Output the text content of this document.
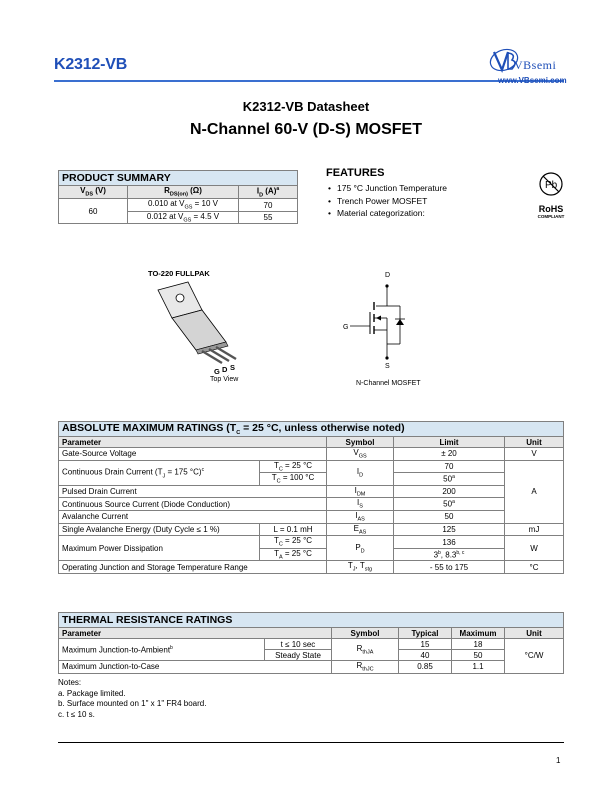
K2312-VB	VBsemi
www.VBsemi.com
K2312-VB Datasheet
N-Channel 60-V (D-S) MOSFET
PRODUCT SUMMARY		
$V_{DS}$ (V)	$R_{DS(on)}$ (Ω)	$I_D$ $(A)^a$
60	0.010 at $V_{GS} = 10$ V	70
	0.012 at $V_{GS} = 4.5$ V	55
FEATURES
• 175 °C Junction Temperature
• Trench Power MOSFET
• Material categorization:
Pb
RoHS
COMPLIANT
TO-220 FULLPAK
G D S
Top View
D
G
S
N-Channel MOSFET
ABSOLUTE MAXIMUM RATINGS ($T_C = 25$ °C, unless otherwise noted)				
Parameter		Symbol	Limit	Unit
Gate-Source Voltage		$V_{GS}$	± 20	V
Continuous Drain Current ($T_J = 175$ °C)$^c$	$T_C = 25$ °C	$I_D$	70	A
	$T_C = 100$ °C		50$^a$
Pulsed Drain Current		$I_{DM}$	200	
Continuous Source Current (Diode Conduction)		$I_S$	50$^a$
Avalanche Current		$I_{AS}$	50	
Single Avalanche Energy (Duty Cycle ≤ 1 %)	L = 0.1 mH	$E_{AS}$	125	mJ
Maximum Power Dissipation	$T_C = 25$ °C	$P_D$	136	W
	$T_A = 25$ °C		3$^b$, 8.3$^{b, c}$
Operating Junction and Storage Temperature Range		$T_J$, $T_{stg}$	- 55 to 175	°C
THERMAL RESISTANCE RATINGS					
Parameter		Symbol	Typical	Maximum	Unit
Maximum Junction-to-Ambient$^b$	t ≤ 10 sec	$R_{thJA}$	15	18	°C/W
	Steady State		40	50	
Maximum Junction-to-Case		$R_{thJC}$	0.85	1.1	
Notes:
a. Package limited.
b. Surface mounted on 1" x 1" FR4 board.
c. t ≤ 10 s.
1
